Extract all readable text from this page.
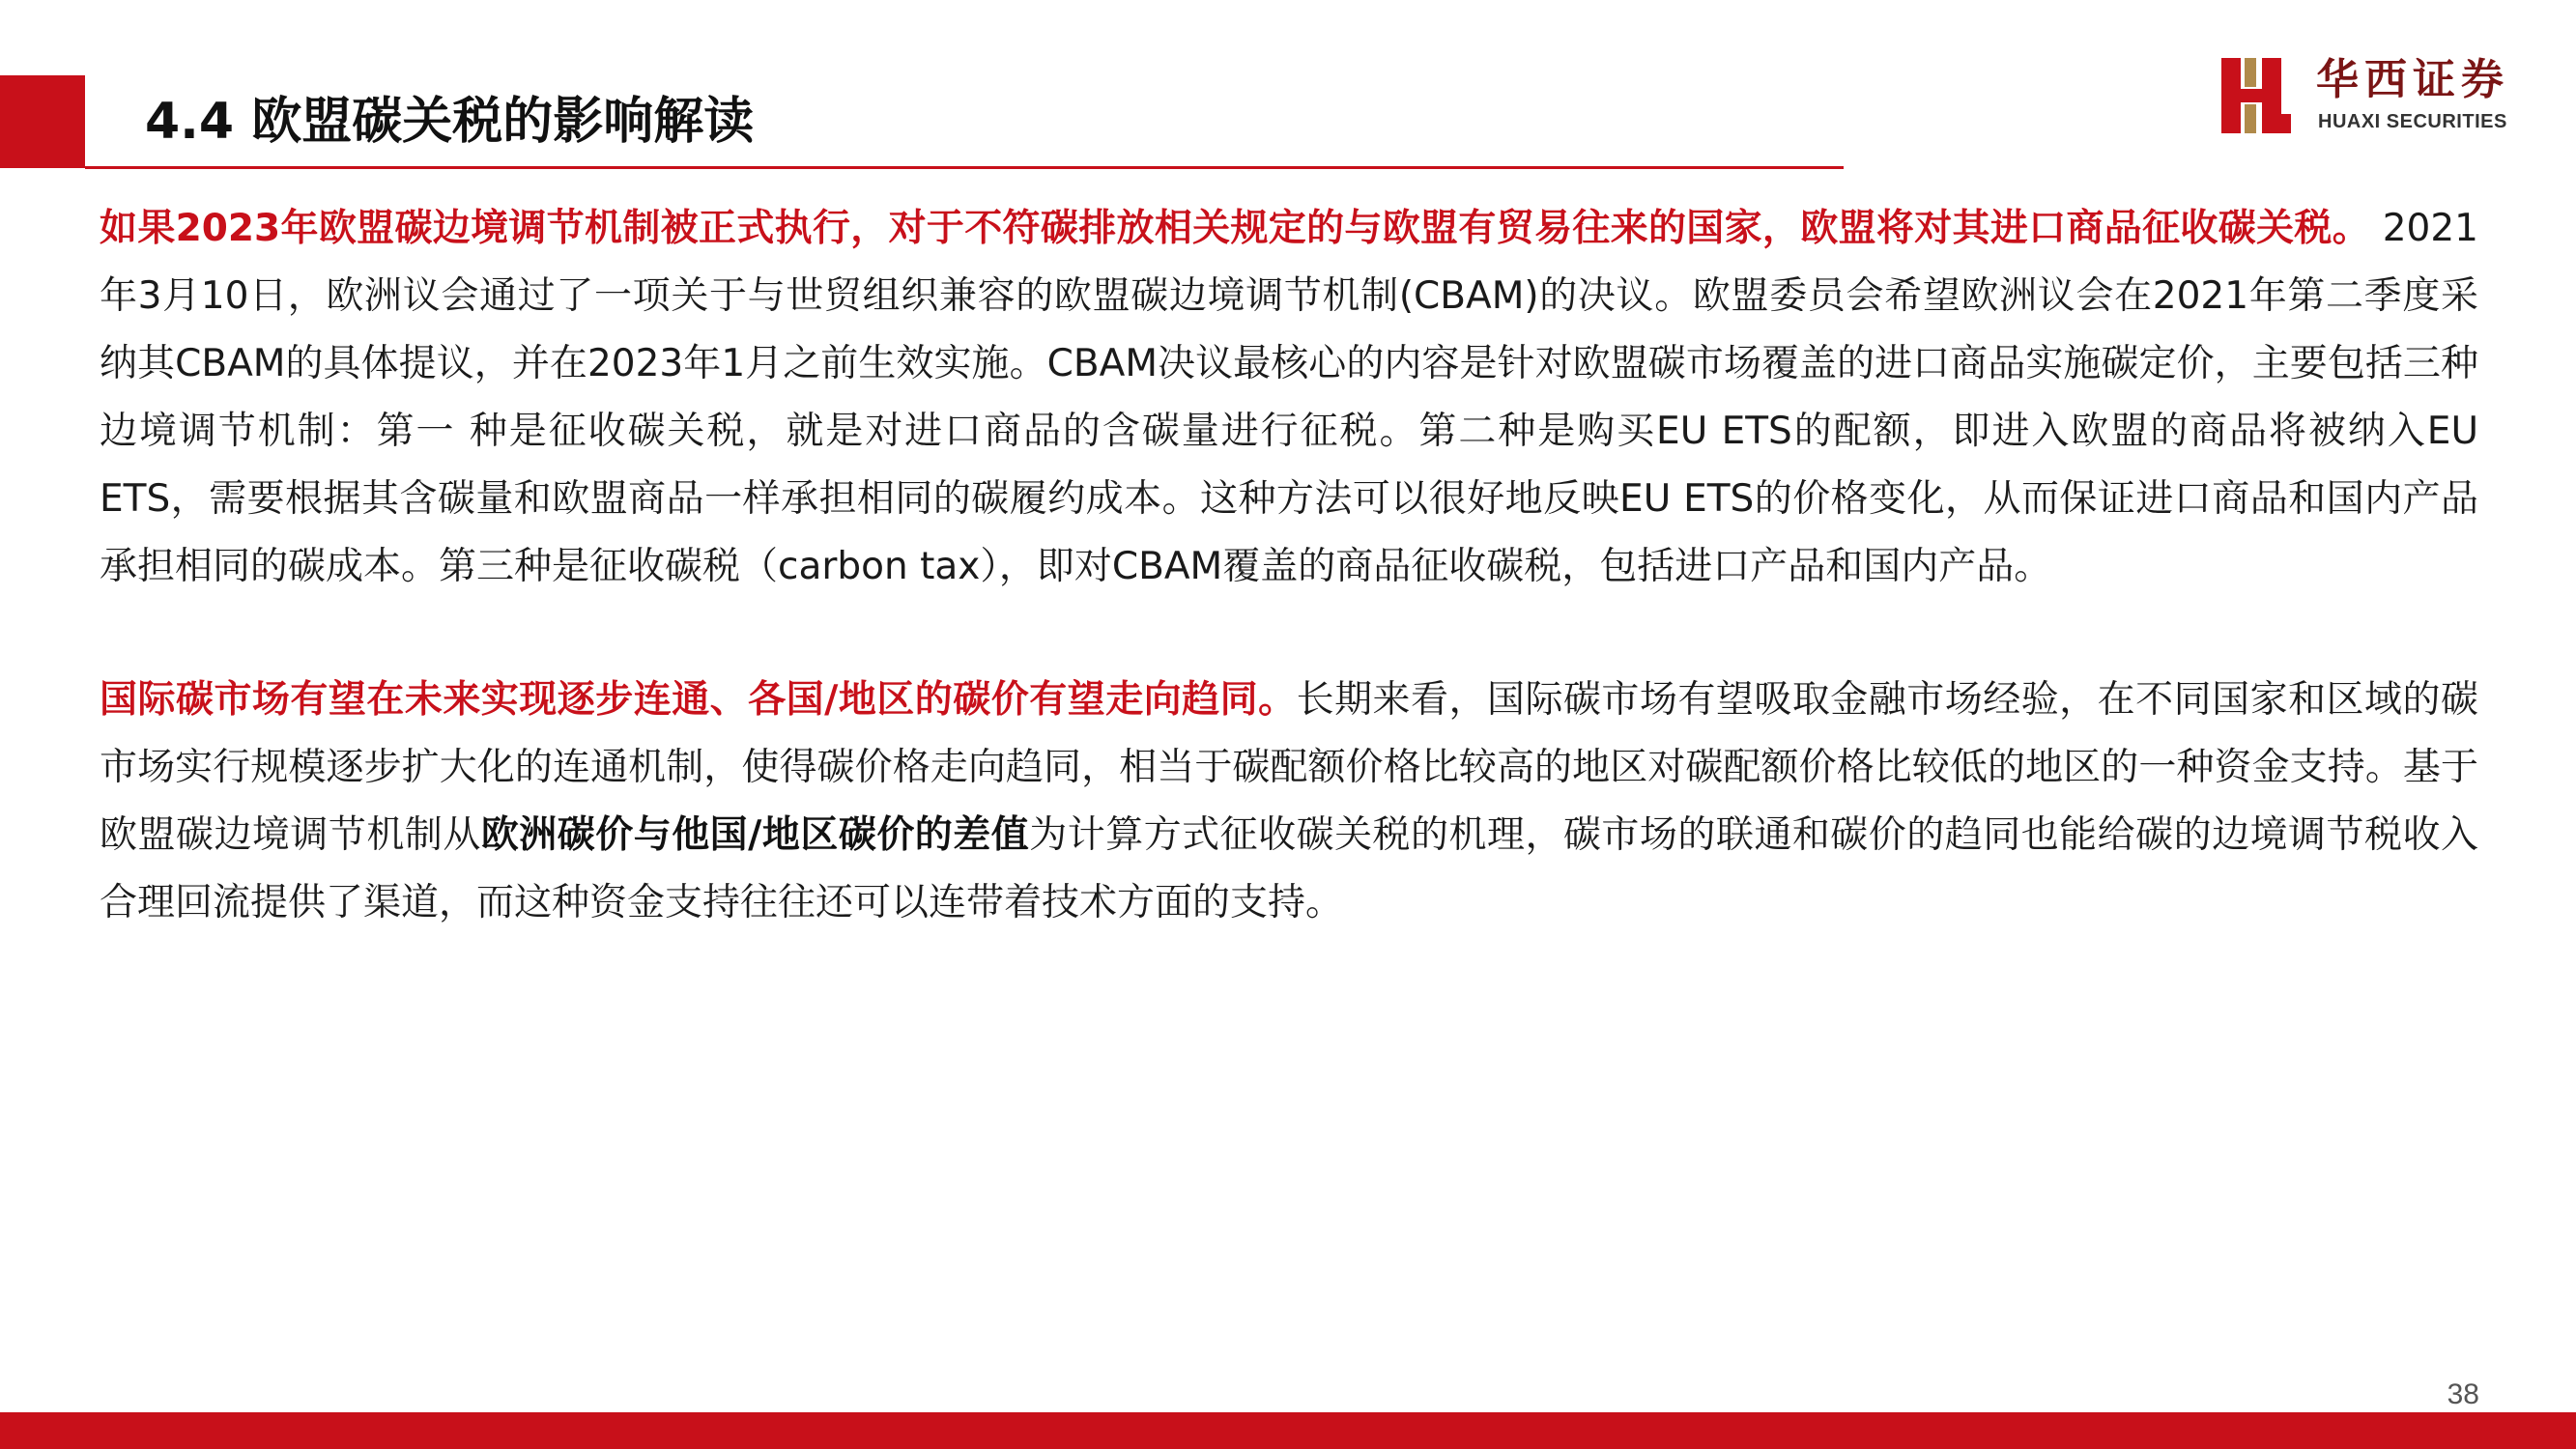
4.4 欧盟碳关税的影响解读
华西证券
HUAXI SECURITIES

如果2023年欧盟碳边境调节机制被正式执行，对于不符碳排放相关规定的与欧盟有贸易往来的国家，欧盟将对其进口商品征收碳关税。 2021年3月10日，欧洲议会通过了一项关于与世贸组织兼容的欧盟碳边境调节机制(CBAM)的决议。欧盟委员会希望欧洲议会在2021年第二季度采纳其CBAM的具体提议，并在2023年1月之前生效实施。CBAM决议最核心的内容是针对欧盟碳市场覆盖的进口商品实施碳定价，主要包括三种边境调节机制：第一 种是征收碳关税，就是对进口商品的含碳量进行征税。第二种是购买EU ETS的配额，即进入欧盟的商品将被纳入EU ETS，需要根据其含碳量和欧盟商品一样承担相同的碳履约成本。这种方法可以很好地反映EU ETS的价格变化，从而保证进口商品和国内产品承担相同的碳成本。第三种是征收碳税（carbon tax），即对CBAM覆盖的商品征收碳税，包括进口产品和国内产品。

国际碳市场有望在未来实现逐步连通、各国/地区的碳价有望走向趋同。长期来看，国际碳市场有望吸取金融市场经验，在不同国家和区域的碳市场实行规模逐步扩大化的连通机制，使得碳价格走向趋同，相当于碳配额价格比较高的地区对碳配额价格比较低的地区的一种资金支持。基于欧盟碳边境调节机制从欧洲碳价与他国/地区碳价的差值为计算方式征收碳关税的机理，碳市场的联通和碳价的趋同也能给碳的边境调节税收入合理回流提供了渠道，而这种资金支持往往还可以连带着技术方面的支持。

38
